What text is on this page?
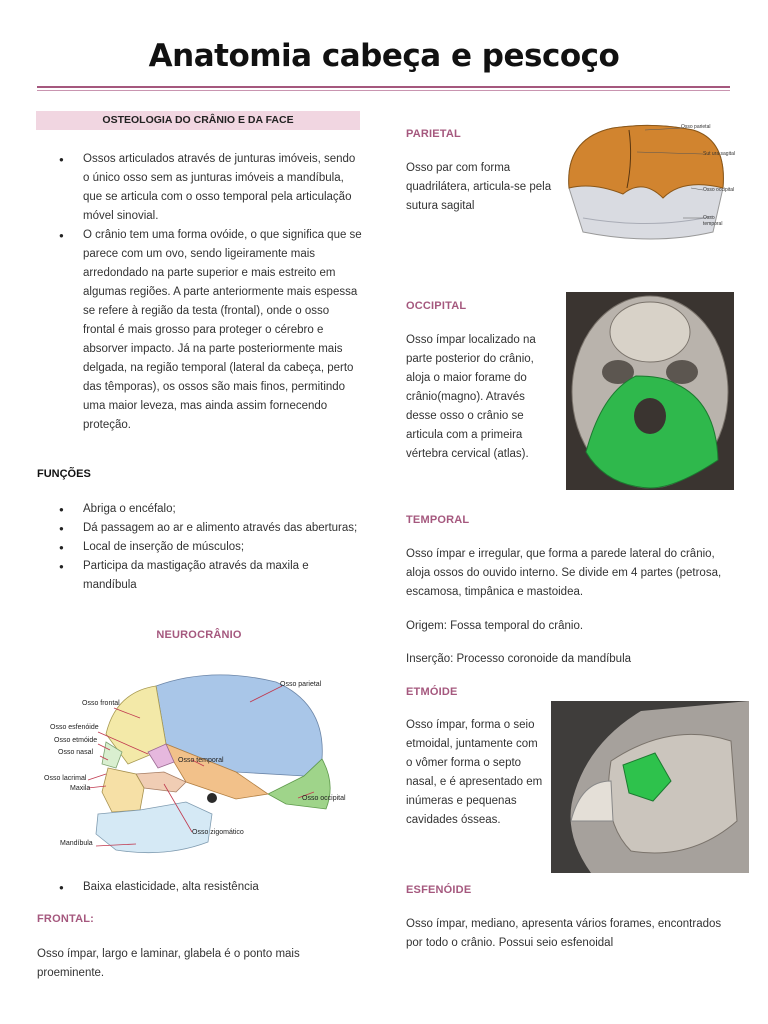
Anatomia cabeça e pescoço
OSTEOLOGIA DO CRÂNIO E DA FACE
● Ossos articulados através de junturas imóveis, sendo o único osso sem as junturas imóveis a mandíbula, que se articula com o osso temporal pela articulação móvel sinovial.
● O crânio tem uma forma ovóide, o que significa que se parece com um ovo, sendo ligeiramente mais arredondado na parte superior e mais estreito em algumas regiões. A parte anteriormente mais espessa se refere à região da testa (frontal), onde o osso frontal é mais grosso para proteger o cérebro e absorver impacto. Já na parte posteriormente mais delgada, na região temporal (lateral da cabeça, perto das têmporas), os ossos são mais finos, permitindo uma maior leveza, mas ainda assim fornecendo proteção.
FUNÇÕES
● Abriga o encéfalo;
● Dá passagem ao ar e alimento através das aberturas;
● Local de inserção de músculos;
● Participa da mastigação através da maxila e mandíbula
NEUROCRÂNIO
Osso frontal
Osso esfenóide
Osso etmóide
Osso nasal
Osso lacrimal
Maxila
Mandíbula
Osso parietal
Osso temporal
Osso occipital
Osso zigomático
● Baixa elasticidade, alta resistência
FRONTAL:
Osso ímpar, largo e laminar, glabela é o ponto mais proeminente.
PARIETAL
Osso par com forma quadrilátera, articula-se pela sutura sagital
Osso parietal
Sut ura sagital
Osso occipital
Osso temporal
OCCIPITAL
Osso ímpar localizado na parte posterior do crânio, aloja o maior forame do crânio(magno). Através desse osso o crânio se articula com a primeira vértebra cervical (atlas).
TEMPORAL
Osso ímpar e irregular, que forma a parede lateral do crânio, aloja ossos do ouvido interno. Se divide em 4 partes (petrosa, escamosa, timpânica e mastoidea.
Origem: Fossa temporal do crânio.
Inserção: Processo coronoide da mandíbula
ETMÓIDE
Osso ímpar, forma o seio etmoidal, juntamente com o vômer forma o septo nasal, e é apresentado em inúmeras e pequenas cavidades ósseas.
ESFENÓIDE
Osso ímpar, mediano, apresenta vários forames, encontrados por todo o crânio. Possui seio esfenoidal
